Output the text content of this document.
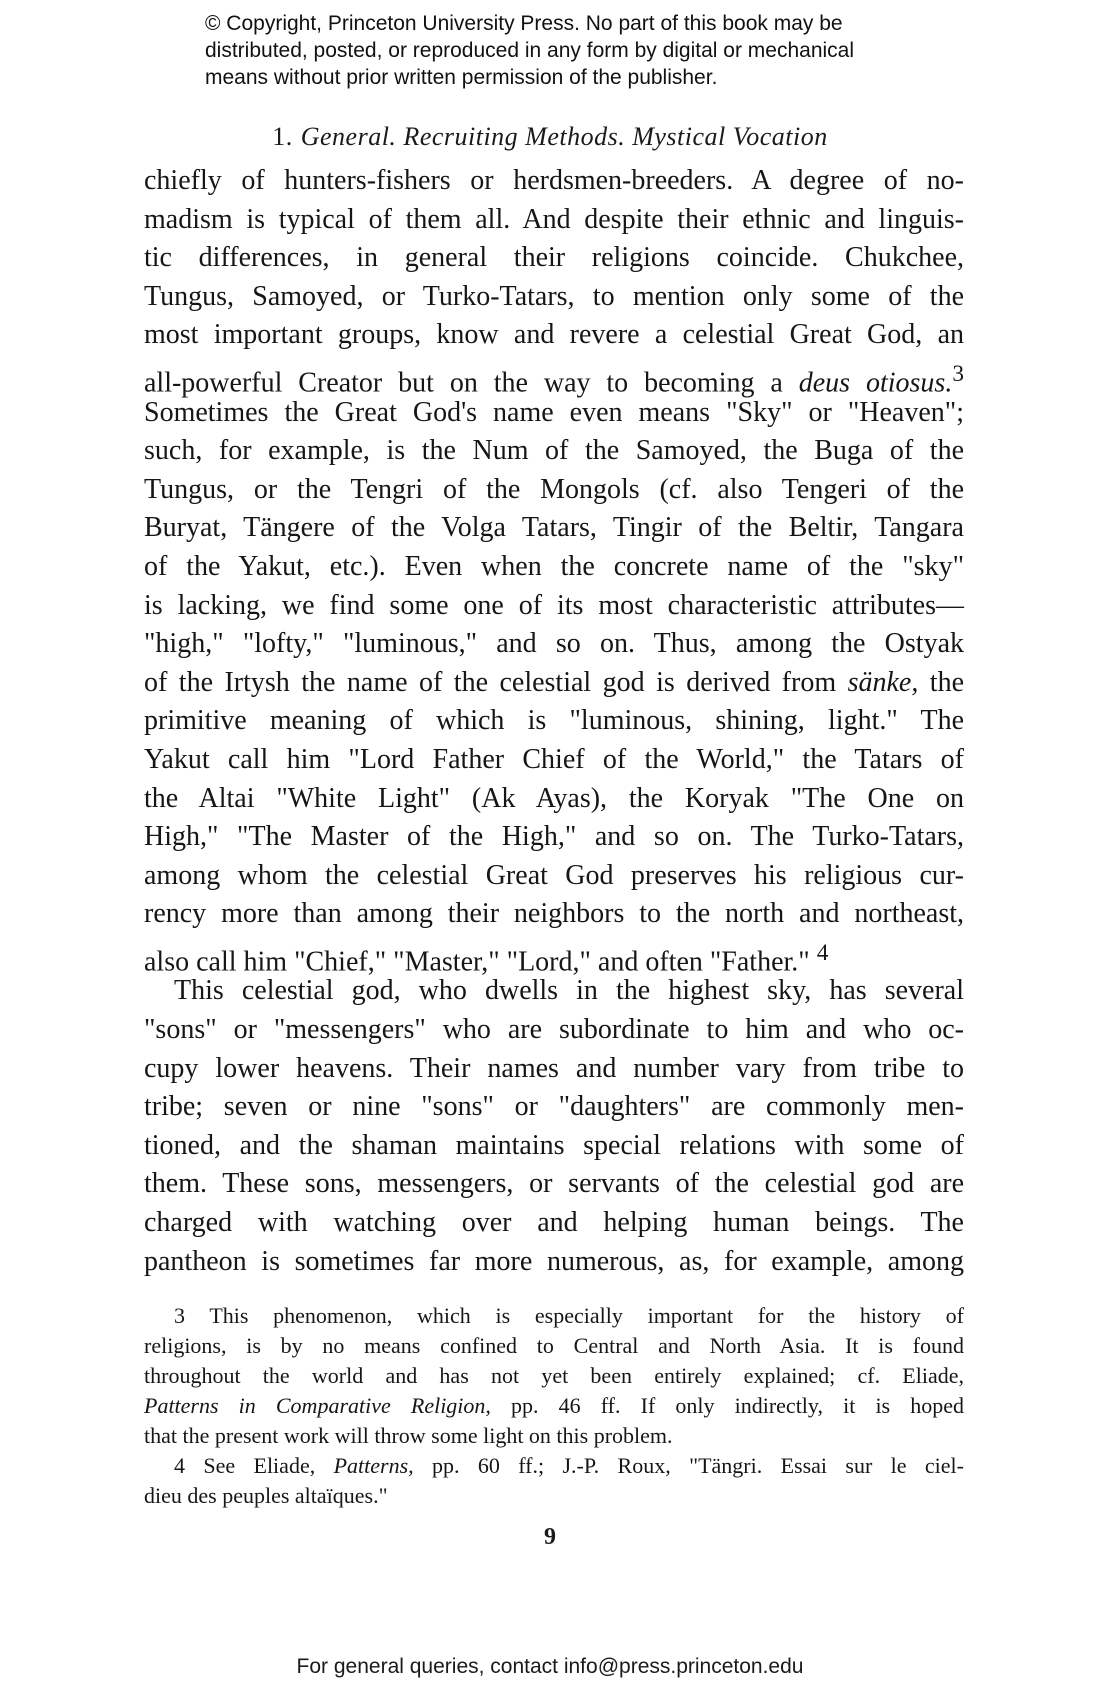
© Copyright, Princeton University Press. No part of this book may be
distributed, posted, or reproduced in any form by digital or mechanical
means without prior written permission of the publisher.
1. General. Recruiting Methods. Mystical Vocation
chiefly of hunters-fishers or herdsmen-breeders. A degree of no-
madism is typical of them all. And despite their ethnic and linguis-
tic differences, in general their religions coincide. Chukchee,
Tungus, Samoyed, or Turko-Tatars, to mention only some of the
most important groups, know and revere a celestial Great God, an
all-powerful Creator but on the way to becoming a deus otiosus.$^3$
Sometimes the Great God's name even means "Sky" or "Heaven";
such, for example, is the Num of the Samoyed, the Buga of the
Tungus, or the Tengri of the Mongols (cf. also Tengeri of the
Buryat, Tängere of the Volga Tatars, Tingir of the Beltir, Tangara
of the Yakut, etc.). Even when the concrete name of the "sky"
is lacking, we find some one of its most characteristic attributes—
"high," "lofty," "luminous," and so on. Thus, among the Ostyak
of the Irtysh the name of the celestial god is derived from sänke, the
primitive meaning of which is "luminous, shining, light." The
Yakut call him "Lord Father Chief of the World," the Tatars of
the Altai "White Light" (Ak Ayas), the Koryak "The One on
High," "The Master of the High," and so on. The Turko-Tatars,
among whom the celestial Great God preserves his religious cur-
rency more than among their neighbors to the north and northeast,
also call him "Chief," "Master," "Lord," and often "Father." $^4$
This celestial god, who dwells in the highest sky, has several
"sons" or "messengers" who are subordinate to him and who oc-
cupy lower heavens. Their names and number vary from tribe to
tribe; seven or nine "sons" or "daughters" are commonly men-
tioned, and the shaman maintains special relations with some of
them. These sons, messengers, or servants of the celestial god are
charged with watching over and helping human beings. The
pantheon is sometimes far more numerous, as, for example, among
3 This phenomenon, which is especially important for the history of
religions, is by no means confined to Central and North Asia. It is found
throughout the world and has not yet been entirely explained; cf. Eliade,
Patterns in Comparative Religion, pp. 46 ff. If only indirectly, it is hoped
that the present work will throw some light on this problem.
4 See Eliade, Patterns, pp. 60 ff.; J.-P. Roux, "Tängri. Essai sur le ciel-
dieu des peuples altaïques."
9
For general queries, contact info@press.princeton.edu
